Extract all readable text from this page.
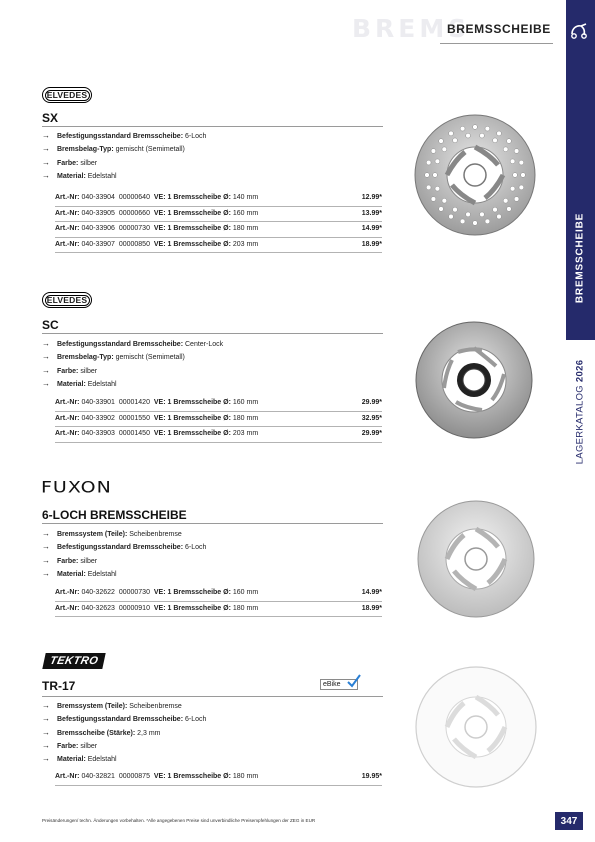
BREMS
BREMSSCHEIBE
BREMSSCHEIBE
LAGERKATALOG 2026
ELVEDES
SX
→ Befestigungsstandard Bremsscheibe: 6-Loch
→ Bremsbelag-Typ: gemischt (Semimetall)
→ Farbe: silber
→ Material: Edelstahl
Art.-Nr: 040-33904 00000640 VE: 1 Bremsscheibe Ø: 140 mm	12.99*
Art.-Nr: 040-33905 00000660 VE: 1 Bremsscheibe Ø: 160 mm	13.99*
Art.-Nr: 040-33906 00000730 VE: 1 Bremsscheibe Ø: 180 mm	14.99*
Art.-Nr: 040-33907 00000850 VE: 1 Bremsscheibe Ø: 203 mm	18.99*
ELVEDES
SC
→ Befestigungsstandard Bremsscheibe: Center-Lock
→ Bremsbelag-Typ: gemischt (Semimetall)
→ Farbe: silber
→ Material: Edelstahl
Art.-Nr: 040-33901 00001420 VE: 1 Bremsscheibe Ø: 160 mm	29.99*
Art.-Nr: 040-33902 00001550 VE: 1 Bremsscheibe Ø: 180 mm	32.95*
Art.-Nr: 040-33903 00001450 VE: 1 Bremsscheibe Ø: 203 mm	29.99*
FUXON
6-LOCH BREMSSCHEIBE
→ Bremssystem (Teile): Scheibenbremse
→ Befestigungsstandard Bremsscheibe: 6-Loch
→ Farbe: silber
→ Material: Edelstahl
Art.-Nr: 040-32622 00000730 VE: 1 Bremsscheibe Ø: 160 mm	14.99*
Art.-Nr: 040-32623 00000910 VE: 1 Bremsscheibe Ø: 180 mm	18.99*
TEKTRO
TR-17	eBike
→ Bremssystem (Teile): Scheibenbremse
→ Befestigungsstandard Bremsscheibe: 6-Loch
→ Bremsscheibe (Stärke): 2,3 mm
→ Farbe: silber
→ Material: Edelstahl
Art.-Nr: 040-32821 00000875 VE: 1 Bremsscheibe Ø: 180 mm	19.95*
Preisänderungen/ techn. Änderungen vorbehalten. *Alle angegebenen Preise sind unverbindliche Preisempfehlungen der ZEG in EUR	347
